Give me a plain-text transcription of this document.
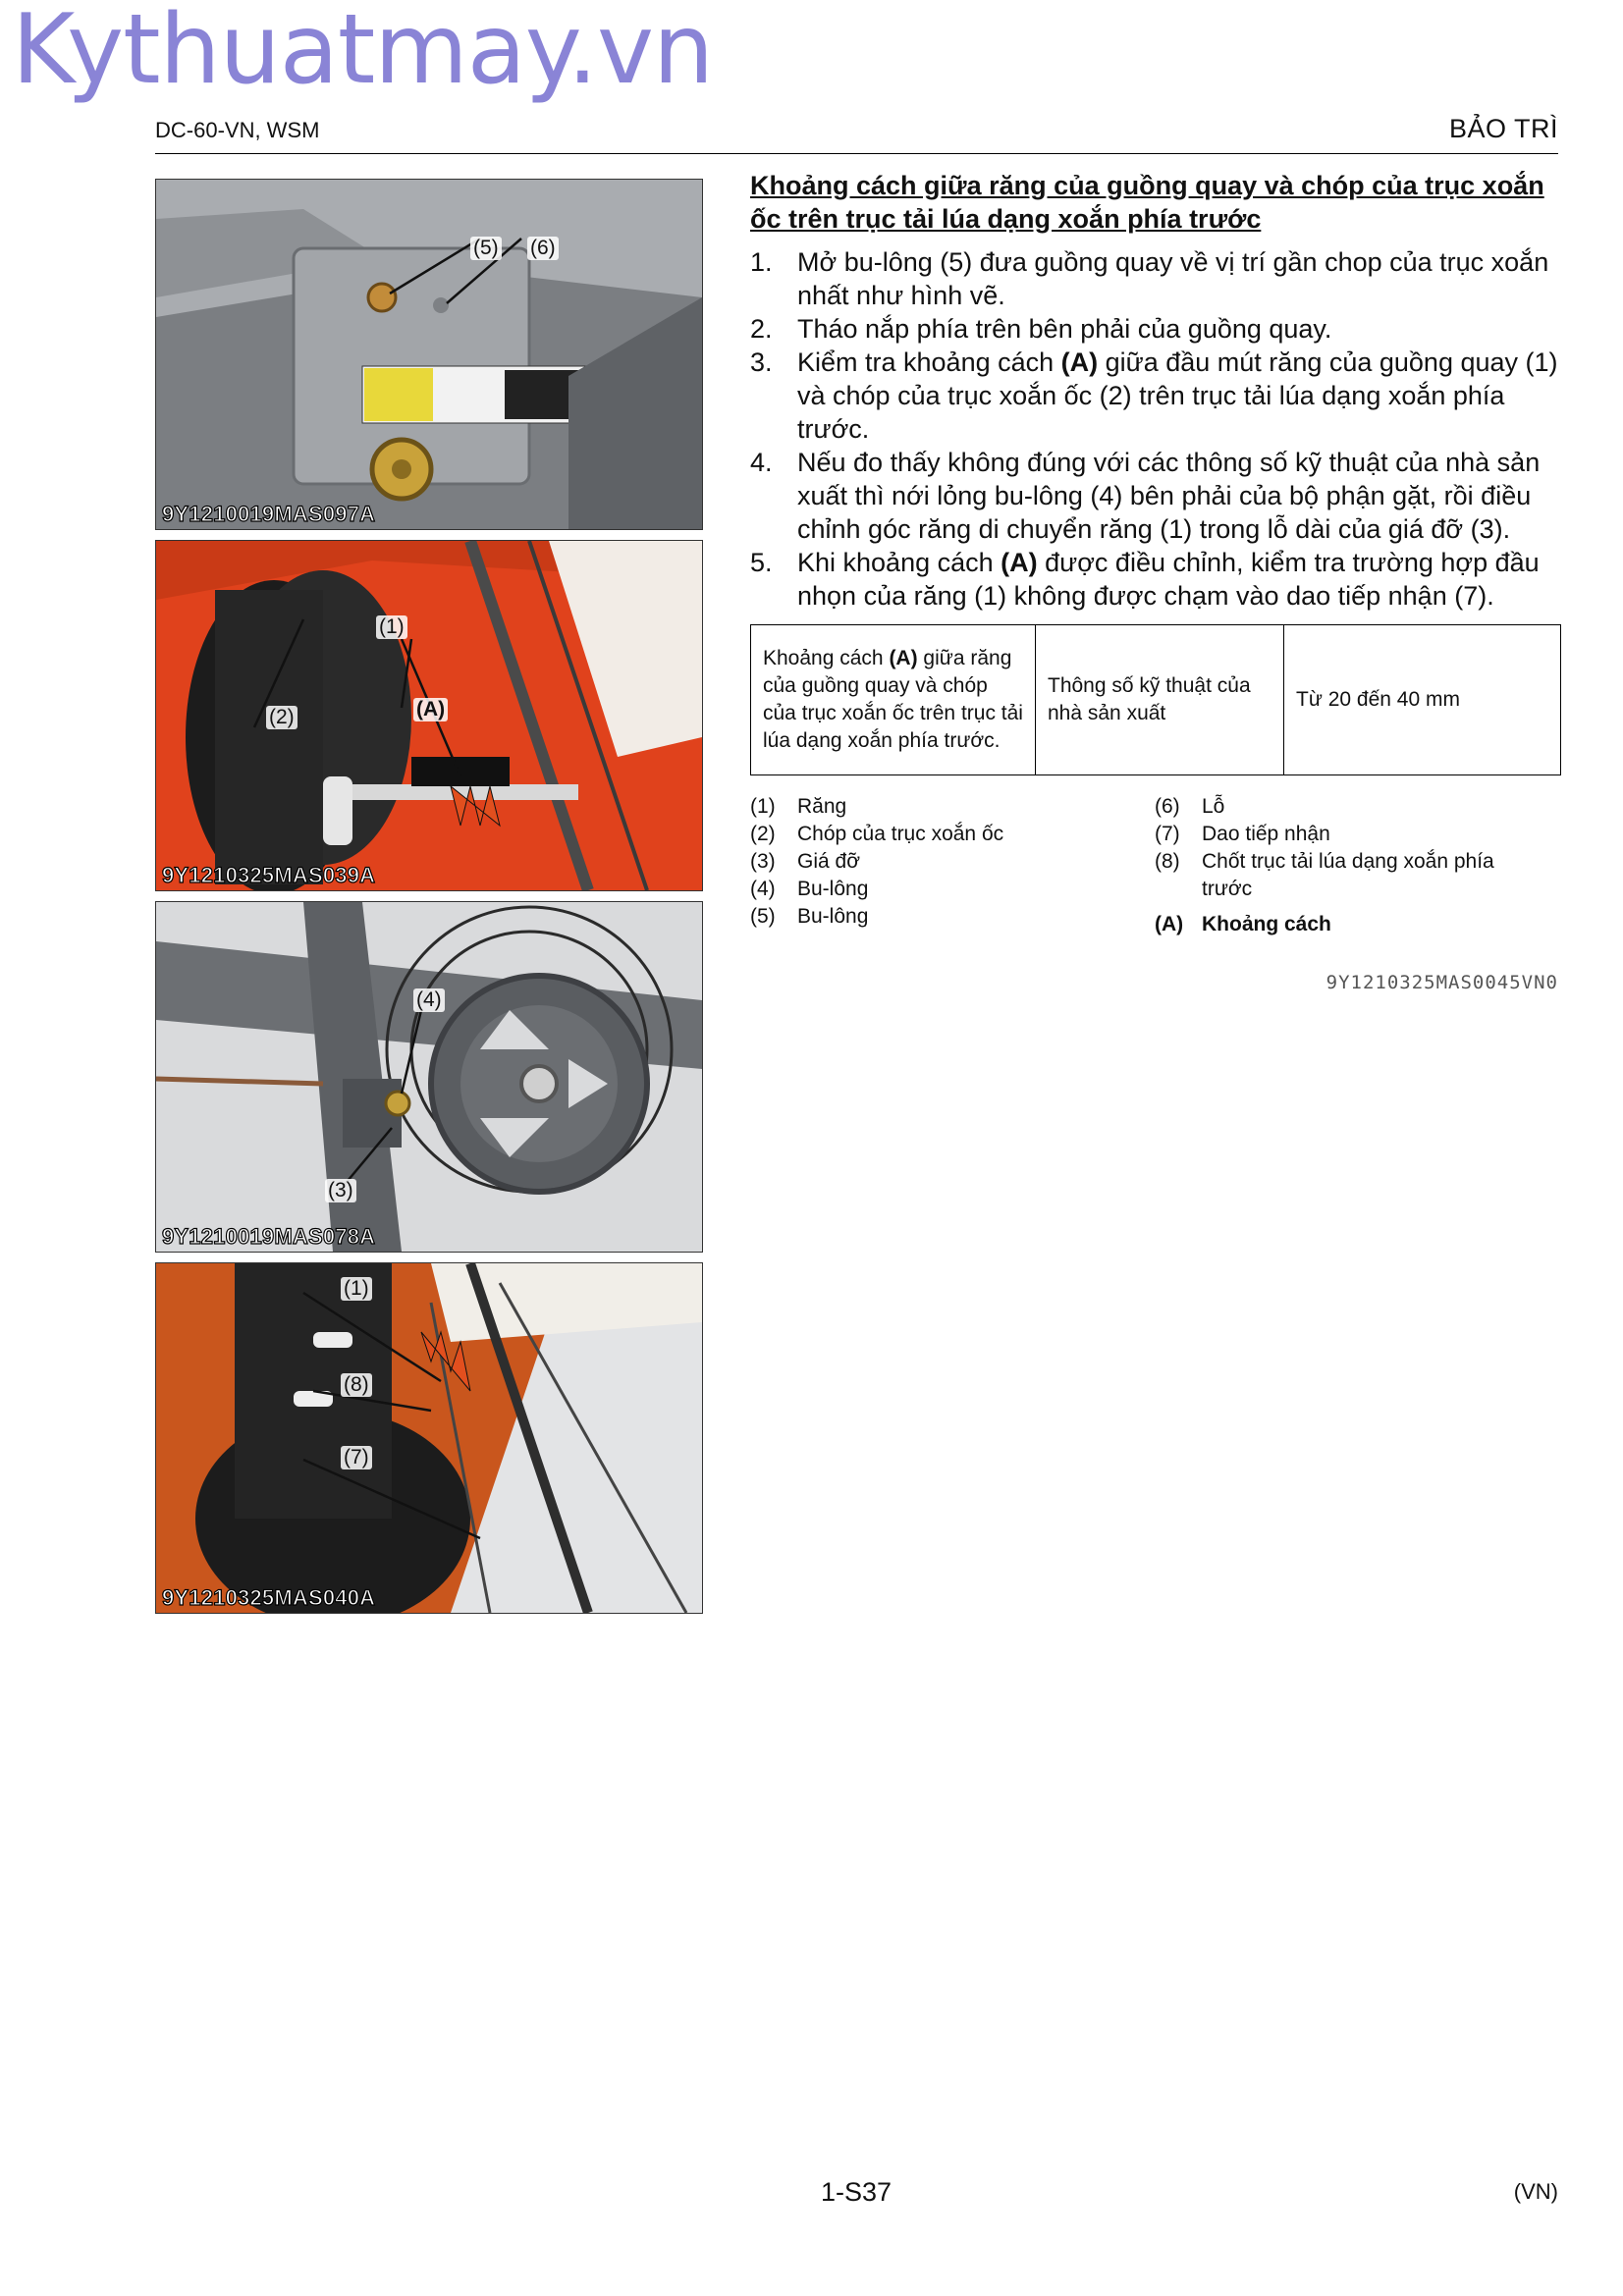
Kythuatmay.vn
DC-60-VN, WSM	BẢO TRÌ
(5) (6)
9Y1210019MAS097A
(1)
(2)	(A)
9Y1210325MAS039A
(4)
(3)
9Y1210019MAS078A
(1)
(8)
(7)
9Y1210325MAS040A
Khoảng cách giữa răng của guồng quay và chóp của trục xoắn ốc trên trục tải lúa dạng xoắn phía trước
1. Mở bu-lông (5) đưa guồng quay về vị trí gần chop của trục xoắn nhất như hình vẽ.
2. Tháo nắp phía trên bên phải của guồng quay.
3. Kiểm tra khoảng cách (A) giữa đầu mút răng của guồng quay (1) và chóp của trục xoắn ốc (2) trên trục tải lúa dạng xoắn phía trước.
4. Nếu đo thấy không đúng với các thông số kỹ thuật của nhà sản xuất thì nới lỏng bu-lông (4) bên phải của bộ phận gặt, rồi điều chỉnh góc răng di chuyển răng (1) trong lỗ dài của giá đỡ (3).
5. Khi khoảng cách (A) được điều chỉnh, kiểm tra trường hợp đầu nhọn của răng (1) không được chạm vào dao tiếp nhận (7).
Khoảng cách (A) giữa răng của guồng quay và chóp của trục xoắn ốc trên trục tải lúa dạng xoắn phía trước.	Thông số kỹ thuật của nhà sản xuất	Từ 20 đến 40 mm
(1) Răng
(2) Chóp của trục xoắn ốc
(3) Giá đỡ
(4) Bu-lông
(5) Bu-lông
(6) Lỗ
(7) Dao tiếp nhận
(8) Chốt trục tải lúa dạng xoắn phía trước
(A) Khoảng cách
9Y1210325MAS0045VN0
1-S37	(VN)
